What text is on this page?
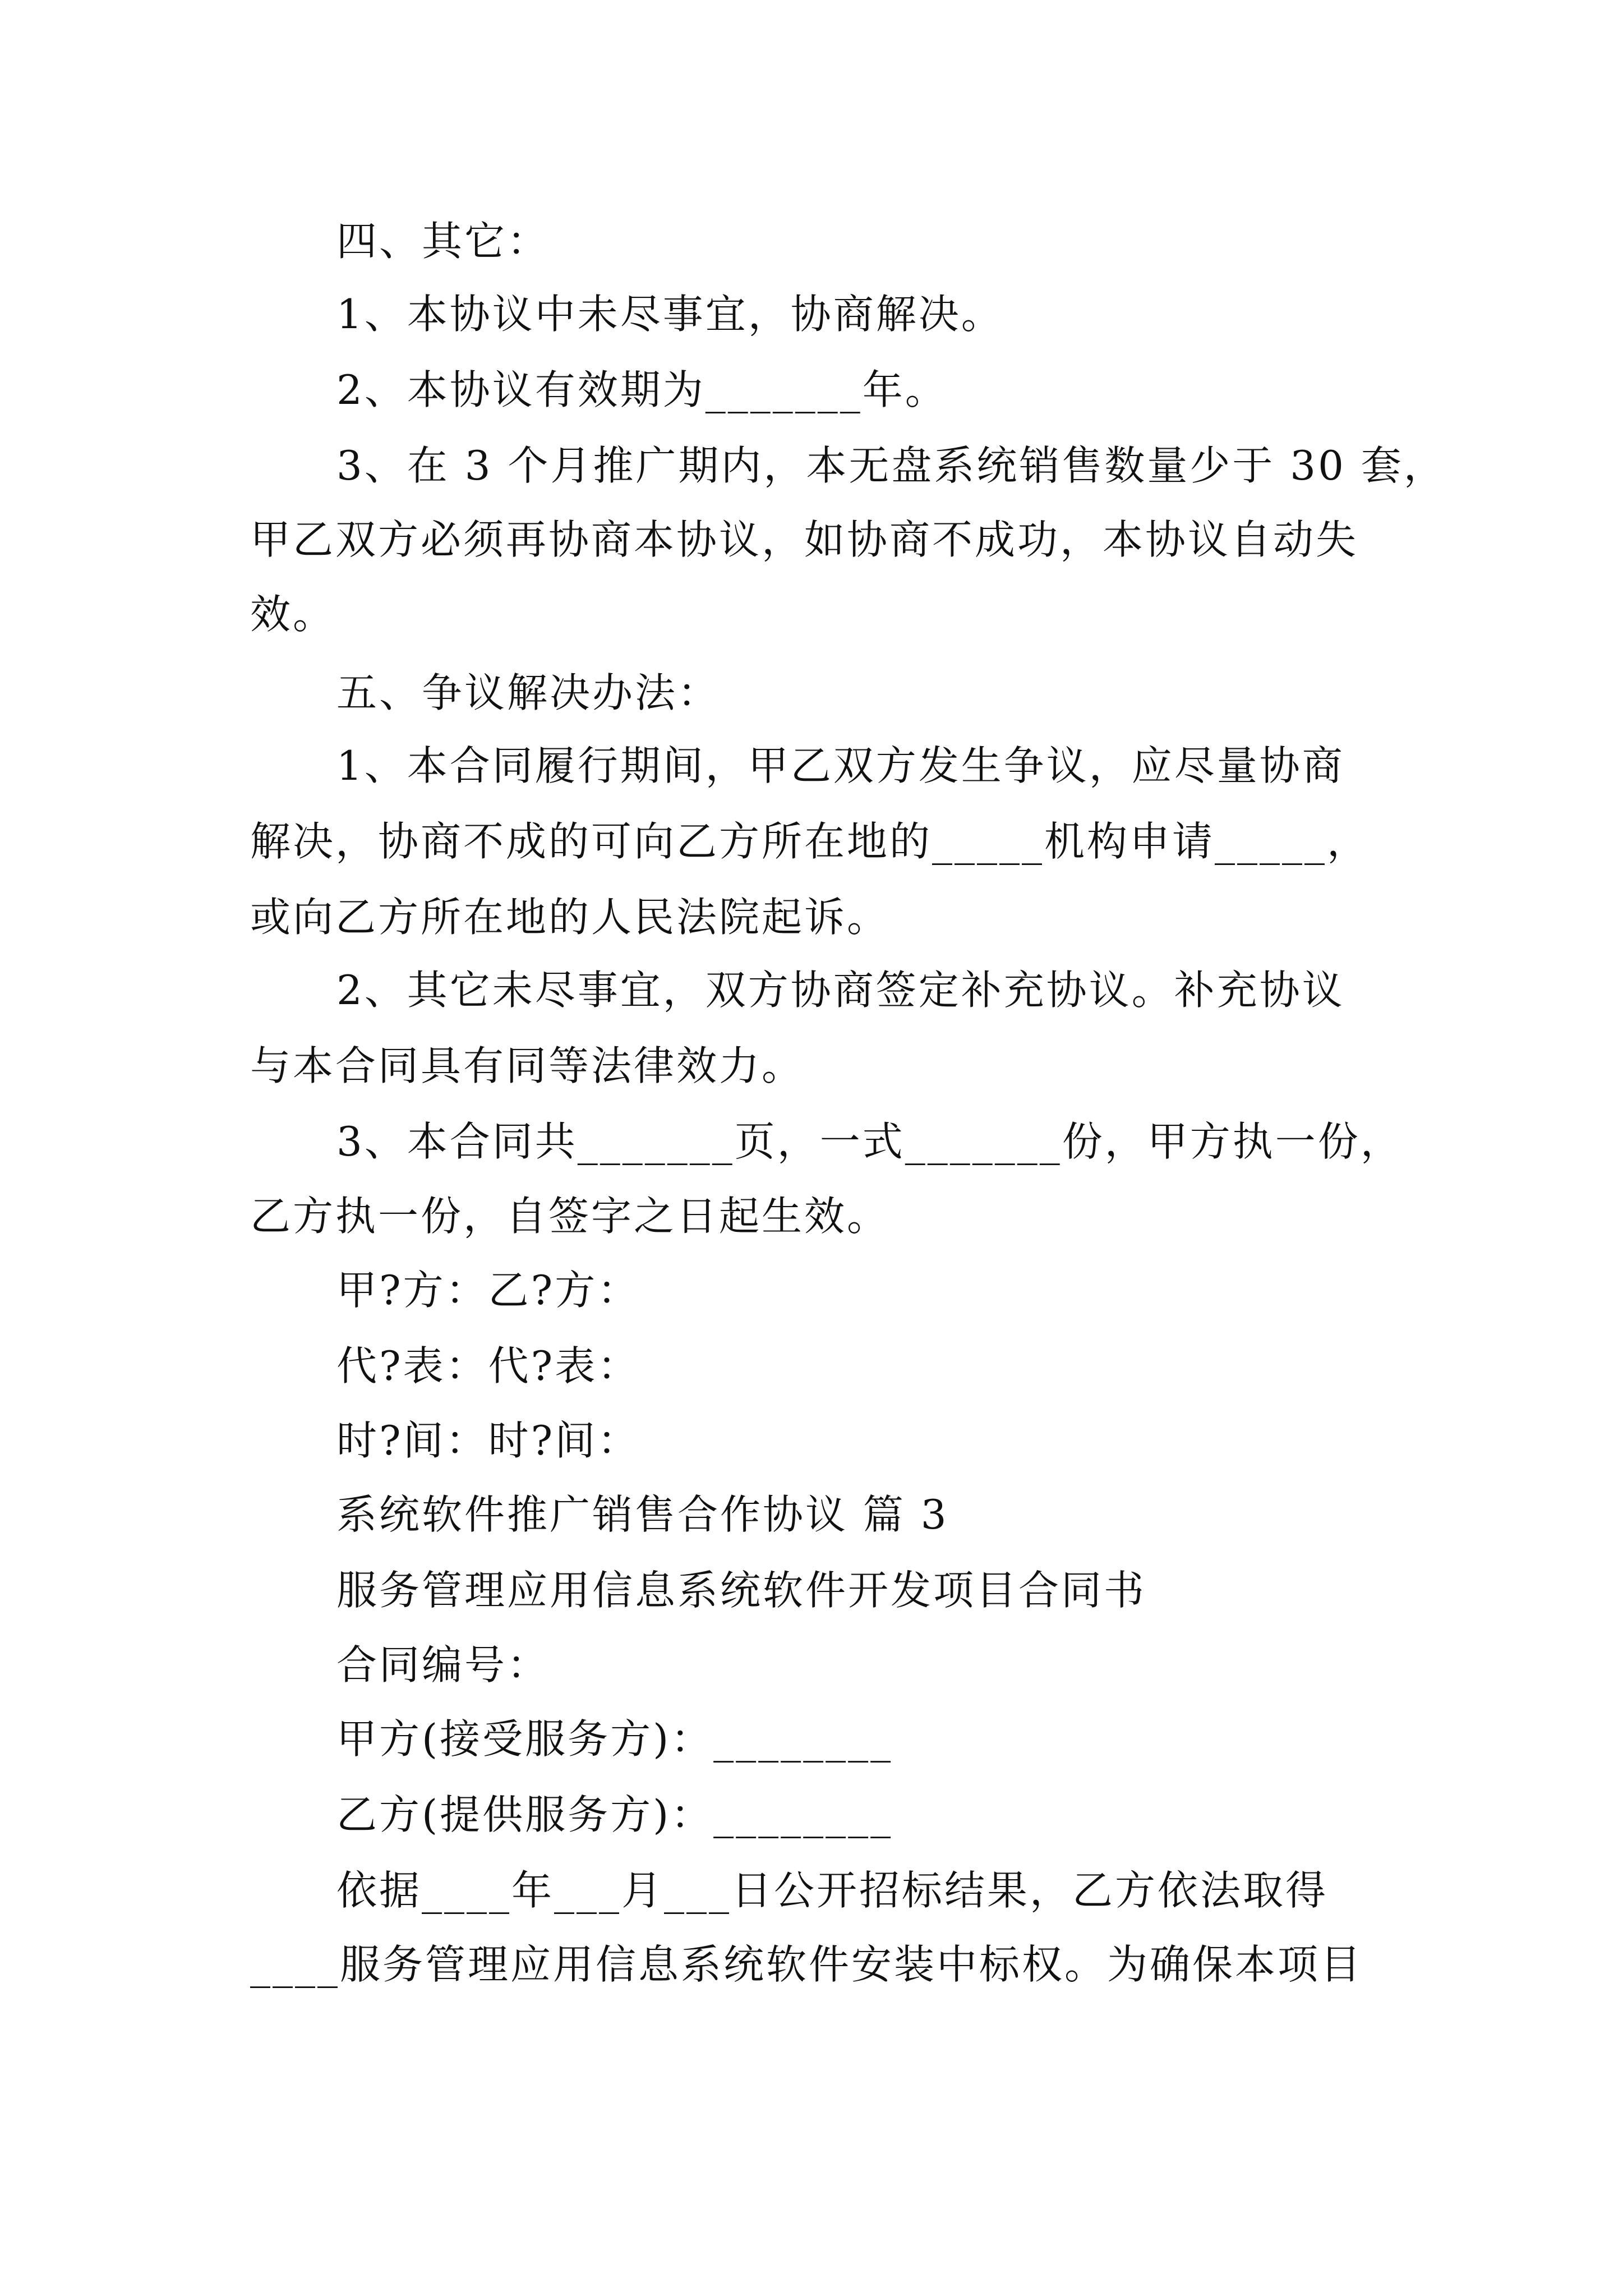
四、其它：
1、本协议中未尽事宜，协商解决。
2、本协议有效期为_______年。
3、在 3 个月推广期内，本无盘系统销售数量少于 30 套，
甲乙双方必须再协商本协议，如协商不成功，本协议自动失
效。
五、争议解决办法：
1、本合同履行期间，甲乙双方发生争议，应尽量协商
解决，协商不成的可向乙方所在地的_____机构申请_____，
或向乙方所在地的人民法院起诉。
2、其它未尽事宜，双方协商签定补充协议。补充协议
与本合同具有同等法律效力。
3、本合同共_______页，一式_______份，甲方执一份，
乙方执一份，自签字之日起生效。
甲?方：乙?方：
代?表：代?表：
时?间：时?间：
系统软件推广销售合作协议 篇 3
服务管理应用信息系统软件开发项目合同书
合同编号：
甲方(接受服务方)：________
乙方(提供服务方)：________
依据____年___月___日公开招标结果，乙方依法取得
____服务管理应用信息系统软件安装中标权。为确保本项目
